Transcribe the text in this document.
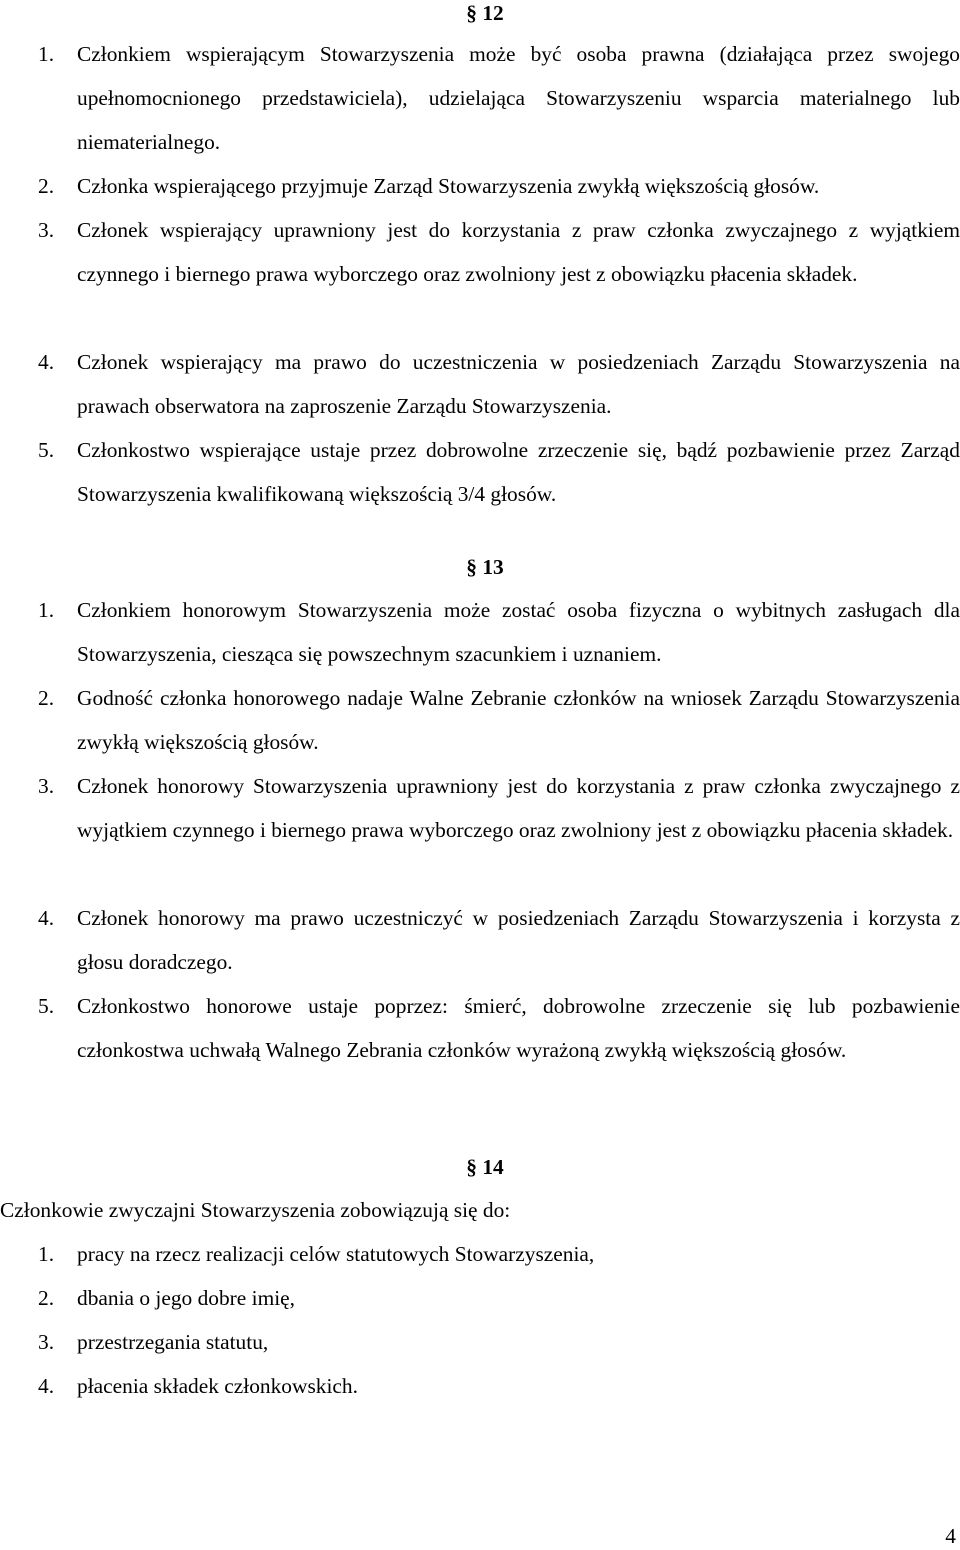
§ 12
1.	Członkiem wspierającym Stowarzyszenia może być osoba prawna (działająca przez swojego upełnomocnionego przedstawiciela), udzielająca Stowarzyszeniu wsparcia materialnego lub niematerialnego.
2.	Członka wspierającego przyjmuje Zarząd Stowarzyszenia zwykłą większością głosów.
3.	Członek wspierający uprawniony jest do korzystania z praw członka zwyczajnego z wyjątkiem czynnego i biernego prawa wyborczego oraz zwolniony jest z obowiązku płacenia składek.
4.	Członek wspierający ma prawo do uczestniczenia w posiedzeniach Zarządu Stowarzyszenia na prawach obserwatora na zaproszenie Zarządu Stowarzyszenia.
5.	Członkostwo wspierające ustaje przez dobrowolne zrzeczenie się, bądź pozbawienie przez Zarząd Stowarzyszenia kwalifikowaną większością 3/4 głosów.
§ 13
1.	Członkiem honorowym Stowarzyszenia może zostać osoba fizyczna o wybitnych zasługach dla Stowarzyszenia, ciesząca się powszechnym szacunkiem i uznaniem.
2.	Godność członka honorowego nadaje Walne Zebranie członków na wniosek Zarządu Stowarzyszenia zwykłą większością głosów.
3.	Członek honorowy Stowarzyszenia uprawniony jest do korzystania z praw członka zwyczajnego z wyjątkiem czynnego i biernego prawa wyborczego oraz zwolniony jest z obowiązku płacenia składek.
4.	Członek honorowy ma prawo uczestniczyć w posiedzeniach Zarządu Stowarzyszenia i korzysta z głosu doradczego.
5.	Członkostwo honorowe ustaje poprzez: śmierć, dobrowolne zrzeczenie się lub pozbawienie członkostwa uchwałą Walnego Zebrania członków wyrażoną zwykłą większością głosów.
§ 14
Członkowie zwyczajni Stowarzyszenia zobowiązują się do:
1. pracy na rzecz realizacji celów statutowych Stowarzyszenia,
2. dbania o jego dobre imię,
3. przestrzegania statutu,
4. płacenia składek członkowskich.
4
